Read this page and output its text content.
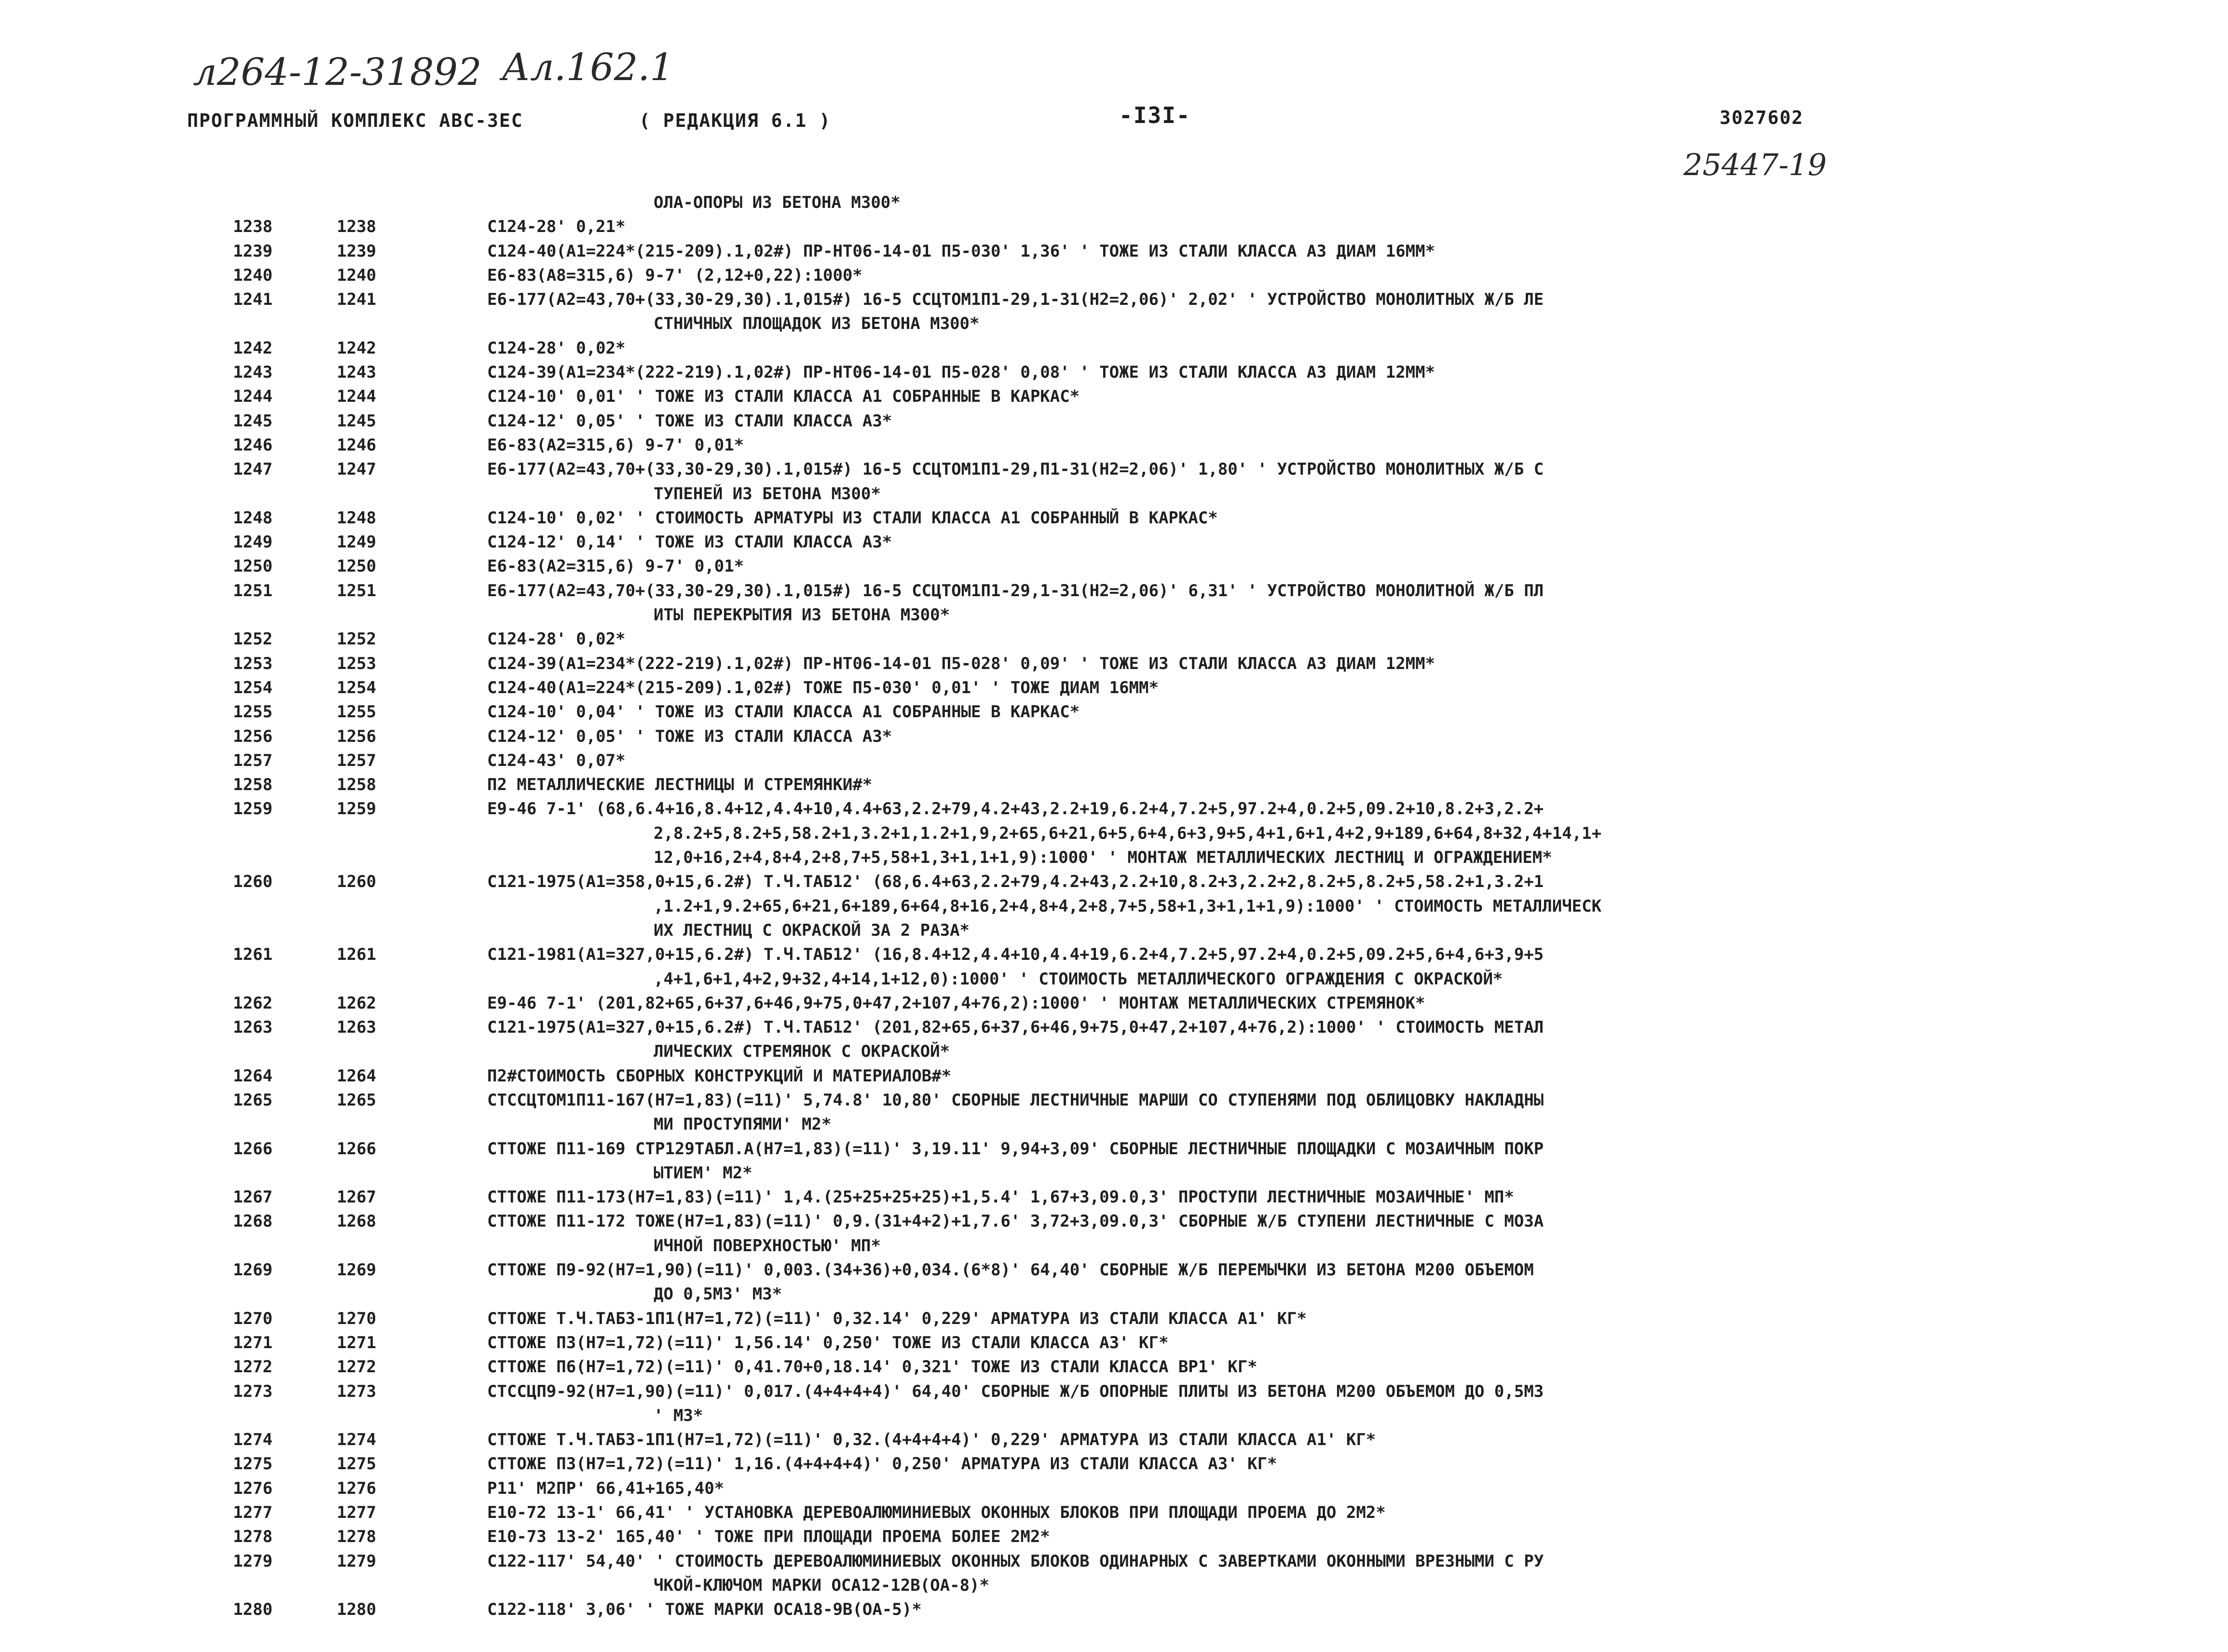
л264-12-31892 Ал.162.1
25447-19
ПРОГРАММНЫЙ КОМПЛЕКС АВС-3ЕС	( РЕДАКЦИЯ 6.1 )	-I3I-	3027602
ОЛА-ОПОРЫ ИЗ БЕТОНА М300*
1238	1238	С124-28' 0,21*
1239	1239	С124-40(А1=224*(215-209).1,02#) ПР-НТ06-14-01 П5-030' 1,36' ' ТОЖЕ ИЗ СТАЛИ КЛАССА А3 ДИАМ 16ММ*
1240	1240	Е6-83(А8=315,6) 9-7' (2,12+0,22):1000*
1241	1241	Е6-177(А2=43,70+(33,30-29,30).1,015#) 16-5 ССЦТОМ1П1-29,1-31(Н2=2,06)' 2,02' ' УСТРОЙСТВО МОНОЛИТНЫХ Ж/Б ЛЕ
СТНИЧНЫХ ПЛОЩАДОК ИЗ БЕТОНА М300*
1242	1242	С124-28' 0,02*
1243	1243	С124-39(А1=234*(222-219).1,02#) ПР-НТ06-14-01 П5-028' 0,08' ' ТОЖЕ ИЗ СТАЛИ КЛАССА А3 ДИАМ 12ММ*
1244	1244	С124-10' 0,01' ' ТОЖЕ ИЗ СТАЛИ КЛАССА А1 СОБРАННЫЕ В КАРКАС*
1245	1245	С124-12' 0,05' ' ТОЖЕ ИЗ СТАЛИ КЛАССА А3*
1246	1246	Е6-83(А2=315,6) 9-7' 0,01*
1247	1247	Е6-177(А2=43,70+(33,30-29,30).1,015#) 16-5 ССЦТОМ1П1-29,П1-31(Н2=2,06)' 1,80' ' УСТРОЙСТВО МОНОЛИТНЫХ Ж/Б С
ТУПЕНЕЙ ИЗ БЕТОНА М300*
1248	1248	С124-10' 0,02' ' СТОИМОСТЬ АРМАТУРЫ ИЗ СТАЛИ КЛАССА А1 СОБРАННЫЙ В КАРКАС*
1249	1249	С124-12' 0,14' ' ТОЖЕ ИЗ СТАЛИ КЛАССА А3*
1250	1250	Е6-83(А2=315,6) 9-7' 0,01*
1251	1251	Е6-177(А2=43,70+(33,30-29,30).1,015#) 16-5 ССЦТОМ1П1-29,1-31(Н2=2,06)' 6,31' ' УСТРОЙСТВО МОНОЛИТНОЙ Ж/Б ПЛ
ИТЫ ПЕРЕКРЫТИЯ ИЗ БЕТОНА М300*
1252	1252	С124-28' 0,02*
1253	1253	С124-39(А1=234*(222-219).1,02#) ПР-НТ06-14-01 П5-028' 0,09' ' ТОЖЕ ИЗ СТАЛИ КЛАССА А3 ДИАМ 12ММ*
1254	1254	С124-40(А1=224*(215-209).1,02#) ТОЖЕ П5-030' 0,01' ' ТОЖЕ ДИАМ 16ММ*
1255	1255	С124-10' 0,04' ' ТОЖЕ ИЗ СТАЛИ КЛАССА А1 СОБРАННЫЕ В КАРКАС*
1256	1256	С124-12' 0,05' ' ТОЖЕ ИЗ СТАЛИ КЛАССА А3*
1257	1257	С124-43' 0,07*
1258	1258	П2 МЕТАЛЛИЧЕСКИЕ ЛЕСТНИЦЫ И СТРЕМЯНКИ#*
1259	1259	Е9-46 7-1' (68,6.4+16,8.4+12,4.4+10,4.4+63,2.2+79,4.2+43,2.2+19,6.2+4,7.2+5,97.2+4,0.2+5,09.2+10,8.2+3,2.2+
2,8.2+5,8.2+5,58.2+1,3.2+1,1.2+1,9,2+65,6+21,6+5,6+4,6+3,9+5,4+1,6+1,4+2,9+189,6+64,8+32,4+14,1+
12,0+16,2+4,8+4,2+8,7+5,58+1,3+1,1+1,9):1000' ' МОНТАЖ МЕТАЛЛИЧЕСКИХ ЛЕСТНИЦ И ОГРАЖДЕНИЕМ*
1260	1260	С121-1975(А1=358,0+15,6.2#) Т.Ч.ТАБ12' (68,6.4+63,2.2+79,4.2+43,2.2+10,8.2+3,2.2+2,8.2+5,8.2+5,58.2+1,3.2+1
,1.2+1,9.2+65,6+21,6+189,6+64,8+16,2+4,8+4,2+8,7+5,58+1,3+1,1+1,9):1000' ' СТОИМОСТЬ МЕТАЛЛИЧЕСК
ИХ ЛЕСТНИЦ С ОКРАСКОЙ ЗА 2 РАЗА*
1261	1261	С121-1981(А1=327,0+15,6.2#) Т.Ч.ТАБ12' (16,8.4+12,4.4+10,4.4+19,6.2+4,7.2+5,97.2+4,0.2+5,09.2+5,6+4,6+3,9+5
,4+1,6+1,4+2,9+32,4+14,1+12,0):1000' ' СТОИМОСТЬ МЕТАЛЛИЧЕСКОГО ОГРАЖДЕНИЯ С ОКРАСКОЙ*
1262	1262	Е9-46 7-1' (201,82+65,6+37,6+46,9+75,0+47,2+107,4+76,2):1000' ' МОНТАЖ МЕТАЛЛИЧЕСКИХ СТРЕМЯНОК*
1263	1263	С121-1975(А1=327,0+15,6.2#) Т.Ч.ТАБ12' (201,82+65,6+37,6+46,9+75,0+47,2+107,4+76,2):1000' ' СТОИМОСТЬ МЕТАЛ
ЛИЧЕСКИХ СТРЕМЯНОК С ОКРАСКОЙ*
1264	1264	П2#СТОИМОСТЬ СБОРНЫХ КОНСТРУКЦИЙ И МАТЕРИАЛОВ#*
1265	1265	СТССЦТОМ1П11-167(Н7=1,83)(=11)' 5,74.8' 10,80' СБОРНЫЕ ЛЕСТНИЧНЫЕ МАРШИ СО СТУПЕНЯМИ ПОД ОБЛИЦОВКУ НАКЛАДНЫ
МИ ПРОСТУПЯМИ' М2*
1266	1266	СТТОЖЕ П11-169 СТР129ТАБЛ.А(Н7=1,83)(=11)' 3,19.11' 9,94+3,09' СБОРНЫЕ ЛЕСТНИЧНЫЕ ПЛОЩАДКИ С МОЗАИЧНЫМ ПОКР
ЫТИЕМ' М2*
1267	1267	СТТОЖЕ П11-173(Н7=1,83)(=11)' 1,4.(25+25+25+25)+1,5.4' 1,67+3,09.0,3' ПРОСТУПИ ЛЕСТНИЧНЫЕ МОЗАИЧНЫЕ' МП*
1268	1268	СТТОЖЕ П11-172 ТОЖЕ(Н7=1,83)(=11)' 0,9.(31+4+2)+1,7.6' 3,72+3,09.0,3' СБОРНЫЕ Ж/Б СТУПЕНИ ЛЕСТНИЧНЫЕ С МОЗА
ИЧНОЙ ПОВЕРХНОСТЬЮ' МП*
1269	1269	СТТОЖЕ П9-92(Н7=1,90)(=11)' 0,003.(34+36)+0,034.(6*8)' 64,40' СБОРНЫЕ Ж/Б ПЕРЕМЫЧКИ ИЗ БЕТОНА М200 ОБЪЕМОМ
ДО 0,5М3' М3*
1270	1270	СТТОЖЕ Т.Ч.ТАБ3-1П1(Н7=1,72)(=11)' 0,32.14' 0,229' АРМАТУРА ИЗ СТАЛИ КЛАССА А1' КГ*
1271	1271	СТТОЖЕ П3(Н7=1,72)(=11)' 1,56.14' 0,250' ТОЖЕ ИЗ СТАЛИ КЛАССА А3' КГ*
1272	1272	СТТОЖЕ П6(Н7=1,72)(=11)' 0,41.70+0,18.14' 0,321' ТОЖЕ ИЗ СТАЛИ КЛАССА ВР1' КГ*
1273	1273	СТССЦП9-92(Н7=1,90)(=11)' 0,017.(4+4+4+4)' 64,40' СБОРНЫЕ Ж/Б ОПОРНЫЕ ПЛИТЫ ИЗ БЕТОНА М200 ОБЪЕМОМ ДО 0,5М3
' М3*
1274	1274	СТТОЖЕ Т.Ч.ТАБ3-1П1(Н7=1,72)(=11)' 0,32.(4+4+4+4)' 0,229' АРМАТУРА ИЗ СТАЛИ КЛАССА А1' КГ*
1275	1275	СТТОЖЕ П3(Н7=1,72)(=11)' 1,16.(4+4+4+4)' 0,250' АРМАТУРА ИЗ СТАЛИ КЛАССА А3' КГ*
1276	1276	Р11' М2ПР' 66,41+165,40*
1277	1277	Е10-72 13-1' 66,41' ' УСТАНОВКА ДЕРЕВОАЛЮМИНИЕВЫХ ОКОННЫХ БЛОКОВ ПРИ ПЛОЩАДИ ПРОЕМА ДО 2М2*
1278	1278	Е10-73 13-2' 165,40' ' ТОЖЕ ПРИ ПЛОЩАДИ ПРОЕМА БОЛЕЕ 2М2*
1279	1279	С122-117' 54,40' ' СТОИМОСТЬ ДЕРЕВОАЛЮМИНИЕВЫХ ОКОННЫХ БЛОКОВ ОДИНАРНЫХ С ЗАВЕРТКАМИ ОКОННЫМИ ВРЕЗНЫМИ С РУ
ЧКОЙ-КЛЮЧОМ МАРКИ ОСА12-12В(ОА-8)*
1280	1280	С122-118' 3,06' ' ТОЖЕ МАРКИ ОСА18-9В(ОА-5)*
